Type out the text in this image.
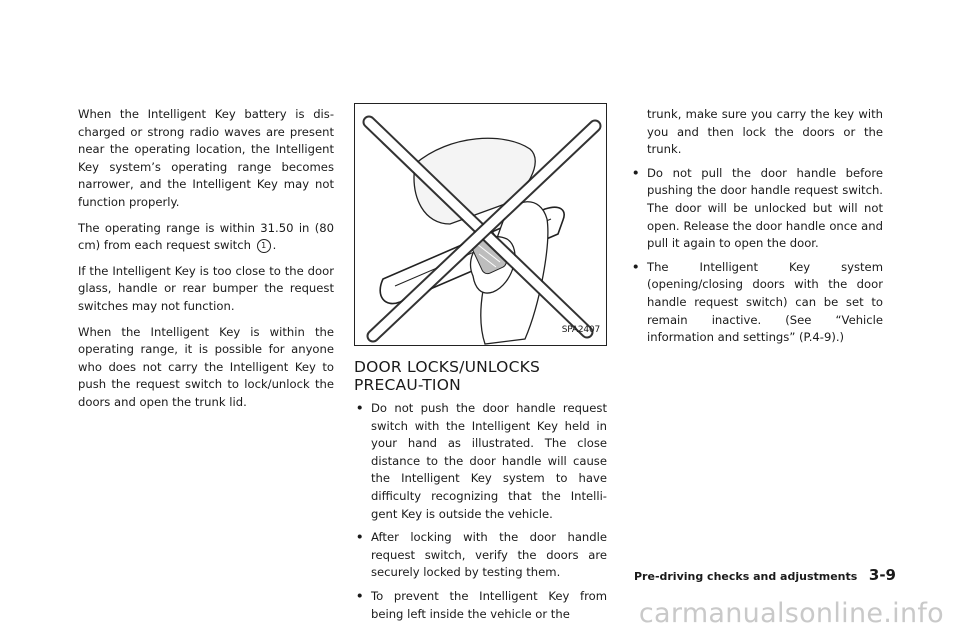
When the Intelligent Key battery is dis-charged or strong radio waves are present near the operating location, the Intelligent Key system’s operating range becomes narrower, and the Intelligent Key may not function properly.

The operating range is within 31.50 in (80 cm) from each request switch 1 .

If the Intelligent Key is too close to the door glass, handle or rear bumper the request switches may not function.

When the Intelligent Key is within the operating range, it is possible for anyone who does not carry the Intelligent Key to push the request switch to lock/unlock the doors and open the trunk lid.

SPA2407
DOOR LOCKS/UNLOCKS PRECAU-TION
• Do not push the door handle request switch with the Intelligent Key held in your hand as illustrated. The close distance to the door handle will cause the Intelligent Key system to have difficulty recognizing that the Intelli-gent Key is outside the vehicle.
• After locking with the door handle request switch, verify the doors are securely locked by testing them.
• To prevent the Intelligent Key from being left inside the vehicle or the
trunk, make sure you carry the key with you and then lock the doors or the trunk.
• Do not pull the door handle before pushing the door handle request switch. The door will be unlocked but will not open. Release the door handle once and pull it again to open the door.
• The Intelligent Key system (opening/closing doors with the door handle request switch) can be set to remain inactive. (See “Vehicle information and settings” (P.4-9).)
Pre-driving checks and adjustments 3-9
carmanualsonline.info
